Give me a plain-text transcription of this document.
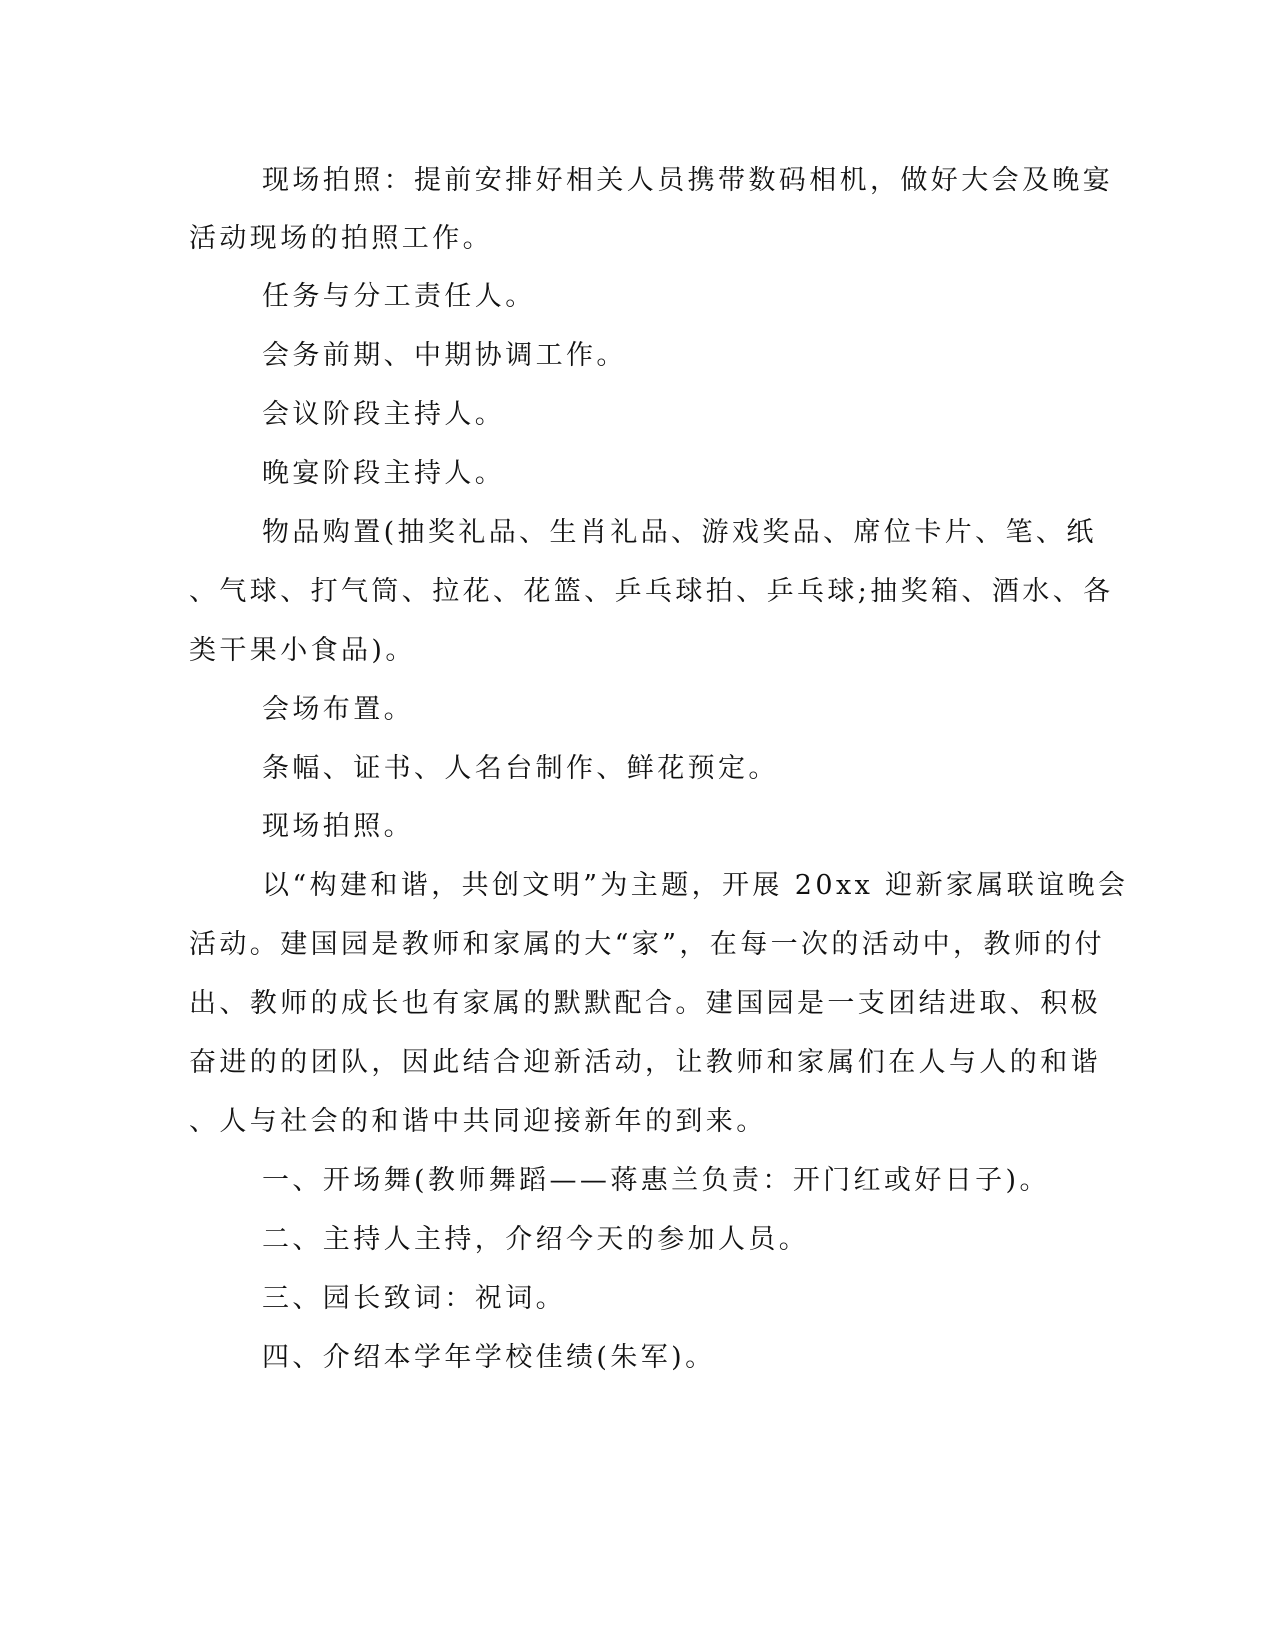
现场拍照：提前安排好相关人员携带数码相机，做好大会及晚宴
活动现场的拍照工作。
任务与分工责任人。
会务前期、中期协调工作。
会议阶段主持人。
晚宴阶段主持人。
物品购置(抽奖礼品、生肖礼品、游戏奖品、席位卡片、笔、纸
、气球、打气筒、拉花、花篮、乒乓球拍、乒乓球;抽奖箱、酒水、各
类干果小食品)。
会场布置。
条幅、证书、人名台制作、鲜花预定。
现场拍照。
以“构建和谐，共创文明”为主题，开展 20xx 迎新家属联谊晚会
活动。建国园是教师和家属的大“家”，在每一次的活动中，教师的付
出、教师的成长也有家属的默默配合。建国园是一支团结进取、积极
奋进的的团队，因此结合迎新活动，让教师和家属们在人与人的和谐
、人与社会的和谐中共同迎接新年的到来。
一、开场舞(教师舞蹈——蒋惠兰负责：开门红或好日子)。
二、主持人主持，介绍今天的参加人员。
三、园长致词：祝词。
四、介绍本学年学校佳绩(朱军)。
